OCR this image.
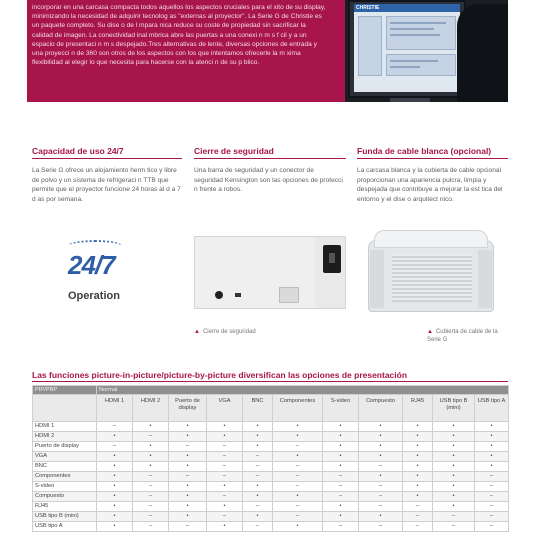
incorporar en una carcasa compacta todos aquellos los aspectos cruciales para el xito de su display, minimizando la necesidad de adquirir tecnolog as "externas al proyector". La Serie G de Christie es un paquete completo. Su dise o de l mpara nica reduce su coste de propiedad sin sacrificar la calidad de imagen. La conectividad inal mbrica abre las puertas a una conexi n m s f cil y a un espacio de presentaci n m s despejado.Tres alternativas de lente, diversas opciones de entrada y una proyecci n de 360 son otros de los aspectos con los que intentamos ofrecerle la m xima flexibilidad al elegir lo que necesita para hacerse con la atenci n de su p blico.

CHRISTIE
Capacidad de uso 24/7

La Serie G ofrece un alojamiento herm tico y libre de polvo y un sistema de refrigeraci n TTB que permite que el proyector funcione 24 horas al d a 7 d as por semana.

Cierre de seguridad

Una barra de seguridad y un conector de seguridad Kensington son las opciones de protecci n frente a robos.

Funda de cable blanca (opcional)

La carcasa blanca y la cubierta de cable opcional proporcionan una apariencia pulcra, limpia y despejada que contribuye a mejorar la est tica del entorno y el dise o arquitect nico.

24/7
Operation
▲ Cierre de seguridad	▲ Cubierta de cable de la Serie G
Las funciones picture-in-picture/picture-by-picture diversifican las opciones de presentación
PIP/PBP	Normal										
	HDMI 1	HDMI 2	Puerto de display	VGA	BNC	Componentes	S-video	Compuesto	RJ45	USB tipo B (mini)	USB tipo A
HDMI 1	–	•	•	•	•	•	•	•	•	•	•
HDMI 2	•	–	•	•	•	•	•	•	•	•	•
Puerto de display	–	•	–	–	•	–	•	•	•	•	•
VGA	•	•	•	–	–	•	•	•	•	•	•
BNC	•	•	•	–	–	–	•	–	•	•	•
Componentes	•	–	–	–	–	–	–	•	•	•	–
S-video	•	–	•	•	•	–	–	–	•	•	–
Compuesto	•	–	•	–	•	•	–	–	•	•	–
RJ45	•	–	•	•	–	–	•	–	–	•	–
USB tipo B (mini)	•	–	•	–	•	–	•	•	–	–	–
USB tipo A	•	–	–	•	–	•	–	–	–	–	–
